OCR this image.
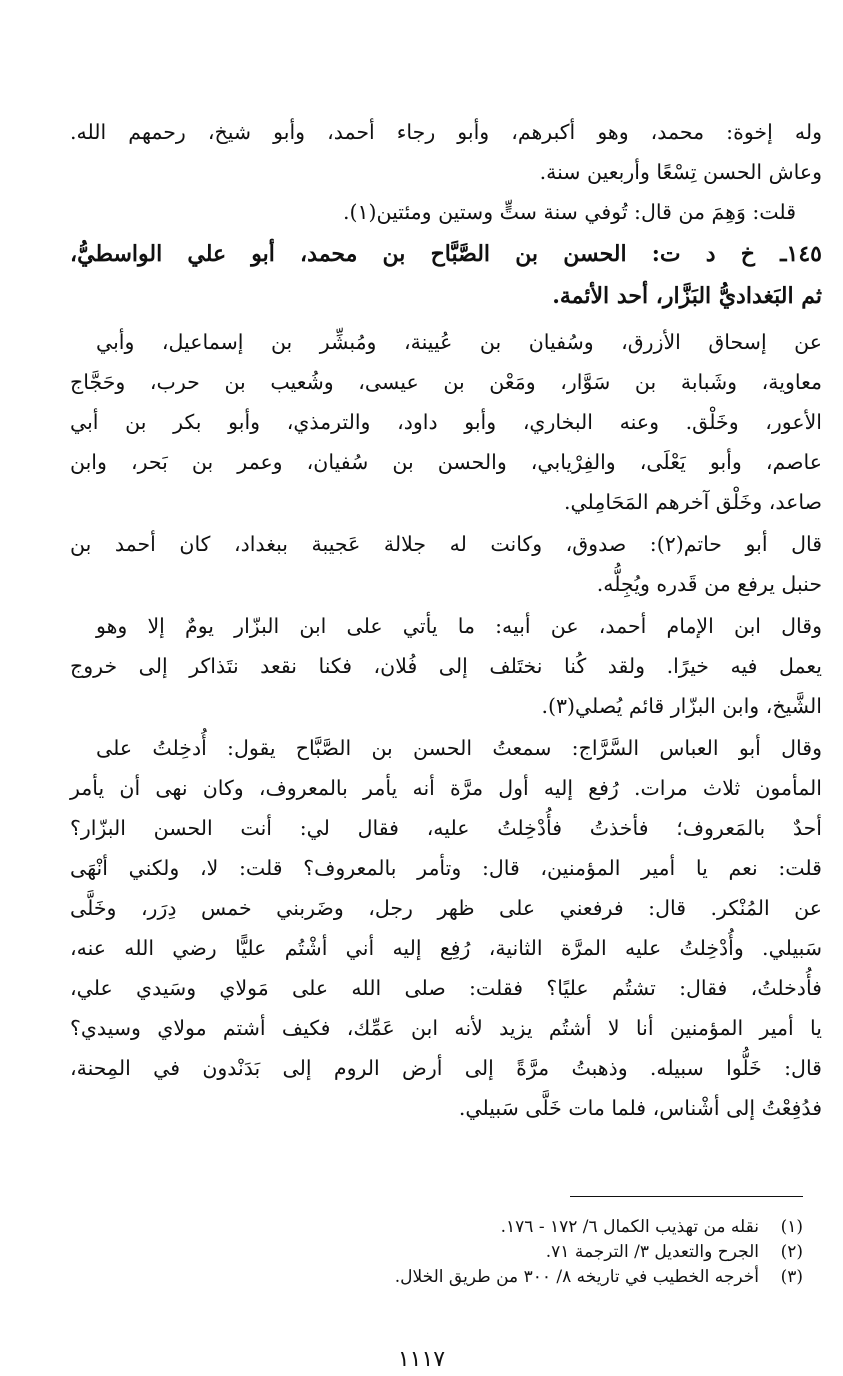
وله إخوة: محمد، وهو أكبرهم، وأبو رجاء أحمد، وأبو شيخ، رحمهم الله.
وعاش الحسن تِسْعًا وأربعين سنة.
قلت: وَهِمَ من قال: تُوفي سنة ستٍّ وستين ومئتين(١).
١٤٥ـ خ د ت: الحسن بن الصَّبَّاح بن محمد، أبو علي الواسطيُّ،
ثم البَغداديُّ البَزَّار، أحد الأئمة.
عن إسحاق الأزرق، وسُفيان بن عُيينة، ومُبشِّر بن إسماعيل، وأبي
معاوية، وشَبابة بن سَوَّار، ومَعْن بن عيسى، وشُعيب بن حرب، وحَجَّاج
الأعور، وخَلْق. وعنه البخاري، وأبو داود، والترمذي، وأبو بكر بن أبي
عاصم، وأبو يَعْلَى، والفِرْيابي، والحسن بن سُفيان، وعمر بن بَحر، وابن
صاعد، وخَلْق آخرهم المَحَامِلي.
قال أبو حاتم(٢): صدوق، وكانت له جلالة عَجيبة ببغداد، كان أحمد بن
حنبل يرفع من قَدره ويُجِلُّه.
وقال ابن الإمام أحمد، عن أبيه: ما يأتي على ابن البزّار يومٌ إلا وهو
يعمل فيه خيرًا. ولقد كُنا نختَلف إلى فُلان، فكنا نقعد نتَذاكر إلى خروج
الشَّيخ، وابن البزّار قائم يُصلي(٣).
وقال أبو العباس السَّرَّاج: سمعتُ الحسن بن الصَّبَّاح يقول: أُدخِلتُ على
المأمون ثلاث مرات. رُفع إليه أول مرَّة أنه يأمر بالمعروف، وكان نهى أن يأمر
أحدٌ بالمَعروف؛ فأخذتُ فأُدْخِلتُ عليه، فقال لي: أنت الحسن البزّار؟
قلت: نعم يا أمير المؤمنين، قال: وتأمر بالمعروف؟ قلت: لا، ولكني أنْهَى
عن المُنْكر. قال: فرفعني على ظهر رجل، وضَربني خمس دِرَر، وخَلَّى
سَبيلي. وأُدْخِلتُ عليه المرَّة الثانية، رُفِع إليه أني أشْتُم عليًّا رضي الله عنه،
فأُدخلتُ، فقال: تشتُم عليًا؟ فقلت: صلى الله على مَولاي وسَيدي علي،
يا أمير المؤمنين أنا لا أشتُم يزيد لأنه ابن عَمِّك، فكيف أشتم مولاي وسيدي؟
قال: خَلُّوا سبيله. وذهبتُ مرَّةً إلى أرض الروم إلى بَدَنْدون في المِحنة،
فدُفِعْتُ إلى أشْناس، فلما مات خَلَّى سَبيلي.
(١)نقله من تهذيب الكمال ٦/ ١٧٢ - ١٧٦.
(٢)الجرح والتعديل ٣/ الترجمة ٧١.
(٣)أخرجه الخطيب في تاريخه ٨/ ٣٠٠ من طريق الخلال.
١١١٧
